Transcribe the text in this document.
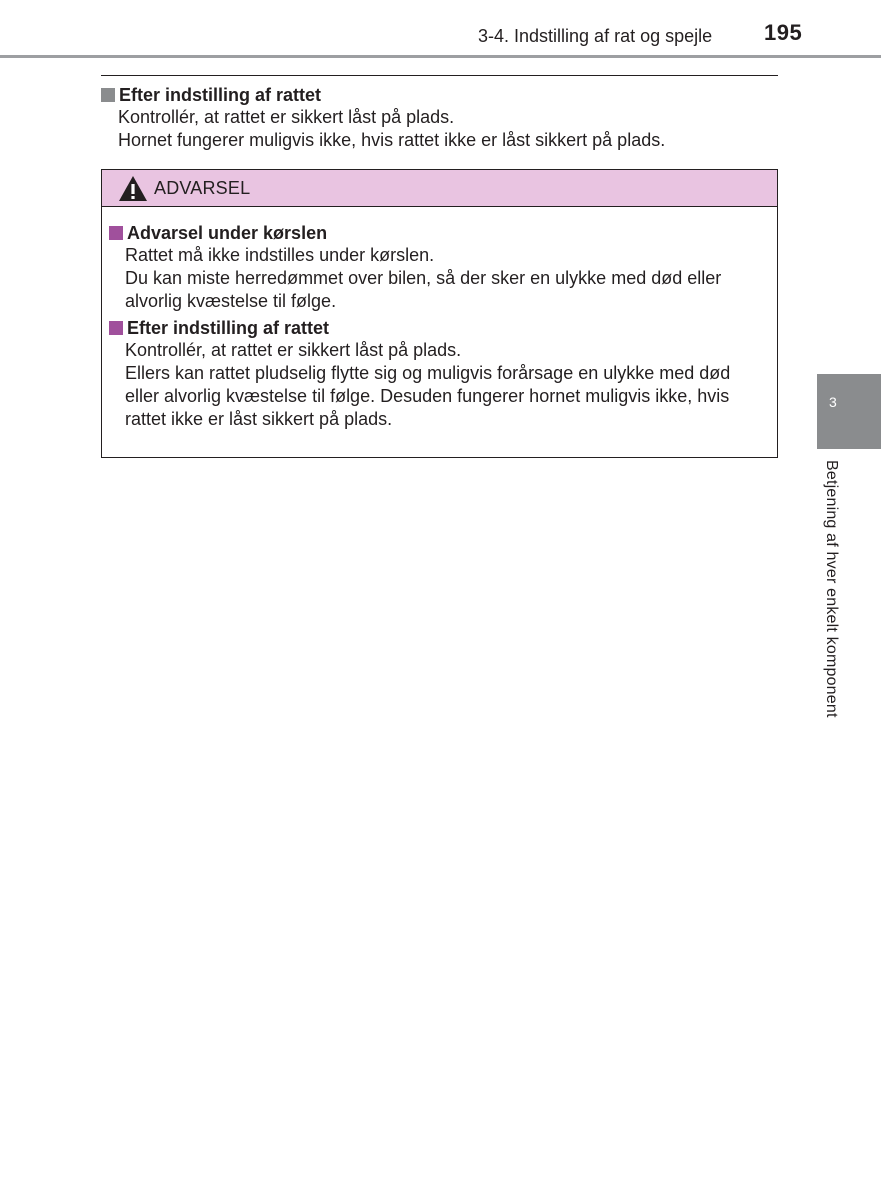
3-4. Indstilling af rat og spejle 195
Efter indstilling af rattet
Kontrollér, at rattet er sikkert låst på plads.
Hornet fungerer muligvis ikke, hvis rattet ikke er låst sikkert på plads.
ADVARSEL
Advarsel under kørslen
Rattet må ikke indstilles under kørslen.
Du kan miste herredømmet over bilen, så der sker en ulykke med død eller
alvorlig kvæstelse til følge.
Efter indstilling af rattet
Kontrollér, at rattet er sikkert låst på plads.
Ellers kan rattet pludselig flytte sig og muligvis forårsage en ulykke med død
eller alvorlig kvæstelse til følge. Desuden fungerer hornet muligvis ikke, hvis
rattet ikke er låst sikkert på plads.
3
Betjening af hver enkelt komponent
